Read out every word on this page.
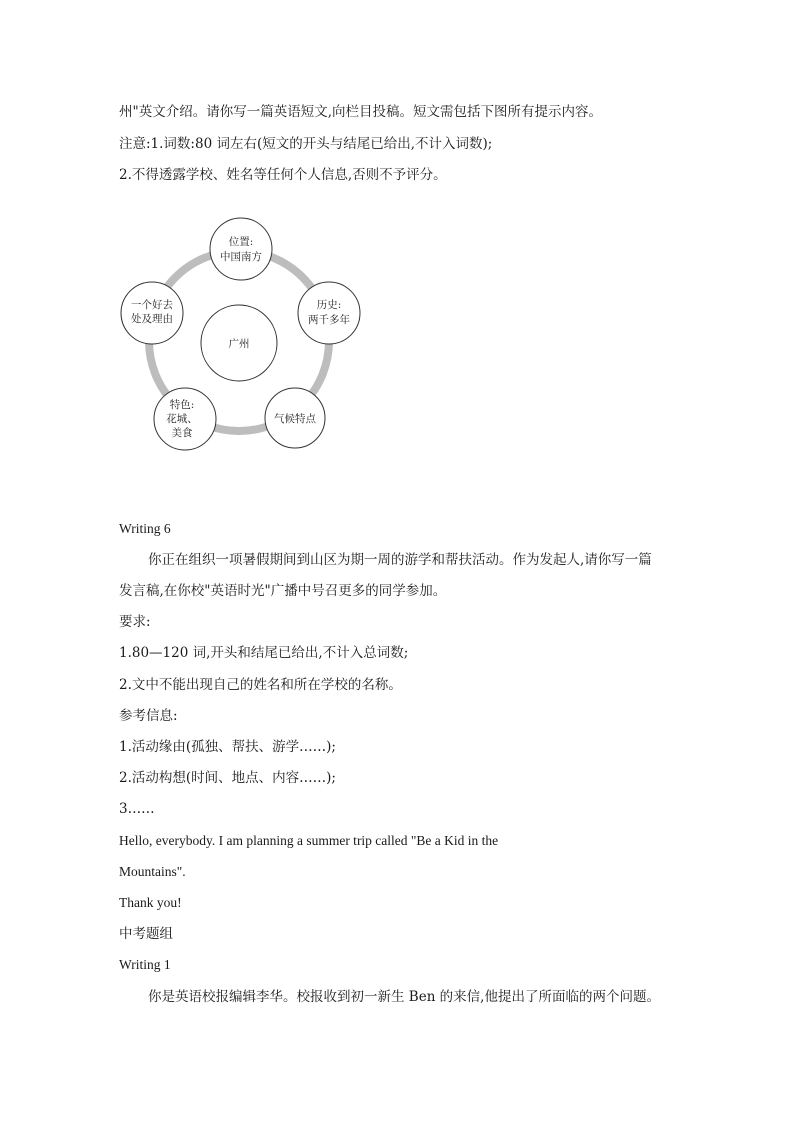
州"英文介绍。请你写一篇英语短文,向栏目投稿。短文需包括下图所有提示内容。
注意:1.词数:80 词左右(短文的开头与结尾已给出,不计入词数);
2.不得透露学校、姓名等任何个人信息,否则不予评分。
广州
位置:
中国南方
历史:
两千多年
气候特点
特色:
花城、
美食
一个好去
处及理由
Writing 6
你正在组织一项暑假期间到山区为期一周的游学和帮扶活动。作为发起人,请你写一篇
发言稿,在你校"英语时光"广播中号召更多的同学参加。
要求:
1.80—120 词,开头和结尾已给出,不计入总词数;
2.文中不能出现自己的姓名和所在学校的名称。
参考信息:
1.活动缘由(孤独、帮扶、游学……);
2.活动构想(时间、地点、内容……);
3……
Hello, everybody. I am planning a summer trip called "Be a Kid in the
Mountains".
Thank you!
中考题组
Writing 1
你是英语校报编辑李华。校报收到初一新生 Ben 的来信,他提出了所面临的两个问题。
